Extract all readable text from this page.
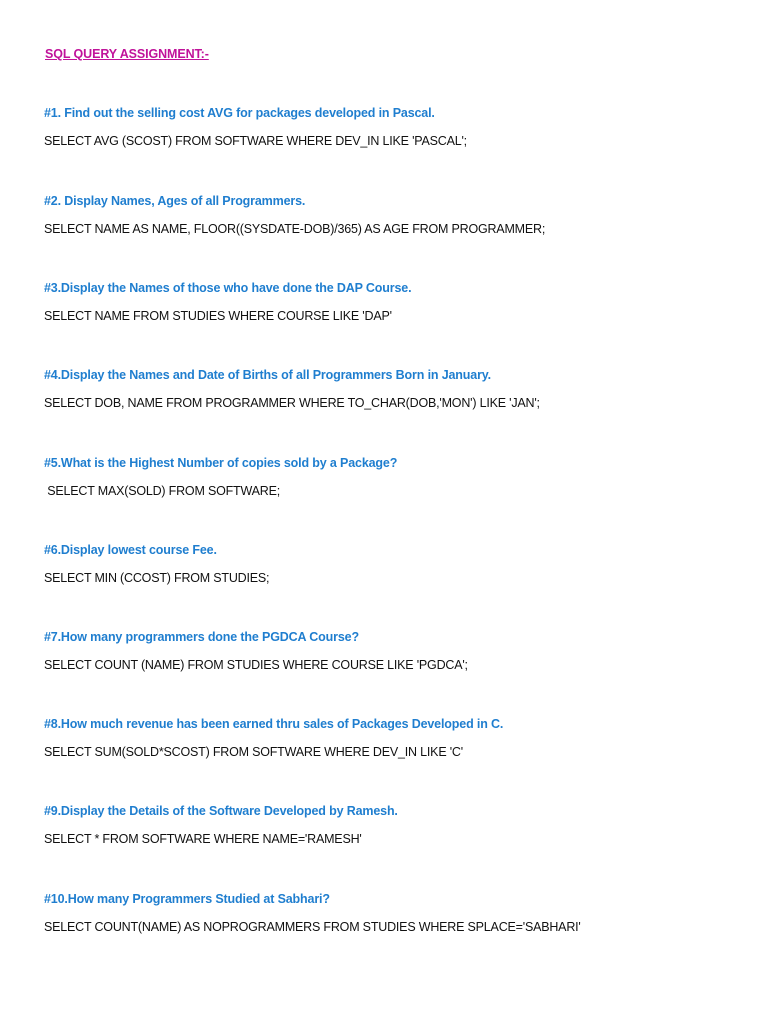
SQL QUERY ASSIGNMENT:-
#1. Find out the selling cost AVG for packages developed in Pascal.
SELECT AVG (SCOST) FROM SOFTWARE WHERE DEV_IN LIKE 'PASCAL';
#2. Display Names, Ages of all Programmers.
SELECT NAME AS NAME, FLOOR((SYSDATE-DOB)/365) AS AGE FROM PROGRAMMER;
#3.Display the Names of those who have done the DAP Course.
SELECT NAME FROM STUDIES WHERE COURSE LIKE 'DAP'
#4.Display the Names and Date of Births of all Programmers Born in January.
SELECT DOB, NAME FROM PROGRAMMER WHERE TO_CHAR(DOB,'MON') LIKE 'JAN';
#5.What is the Highest Number of copies sold by a Package?
SELECT MAX(SOLD) FROM SOFTWARE;
#6.Display lowest course Fee.
SELECT MIN (CCOST) FROM STUDIES;
#7.How many programmers done the PGDCA Course?
SELECT COUNT (NAME) FROM STUDIES WHERE COURSE LIKE 'PGDCA';
#8.How much revenue has been earned thru sales of Packages Developed in C.
SELECT SUM(SOLD*SCOST) FROM SOFTWARE WHERE DEV_IN LIKE 'C'
#9.Display the Details of the Software Developed by Ramesh.
SELECT * FROM SOFTWARE WHERE NAME='RAMESH'
#10.How many Programmers Studied at Sabhari?
SELECT COUNT(NAME) AS NOPROGRAMMERS FROM STUDIES WHERE SPLACE='SABHARI'
